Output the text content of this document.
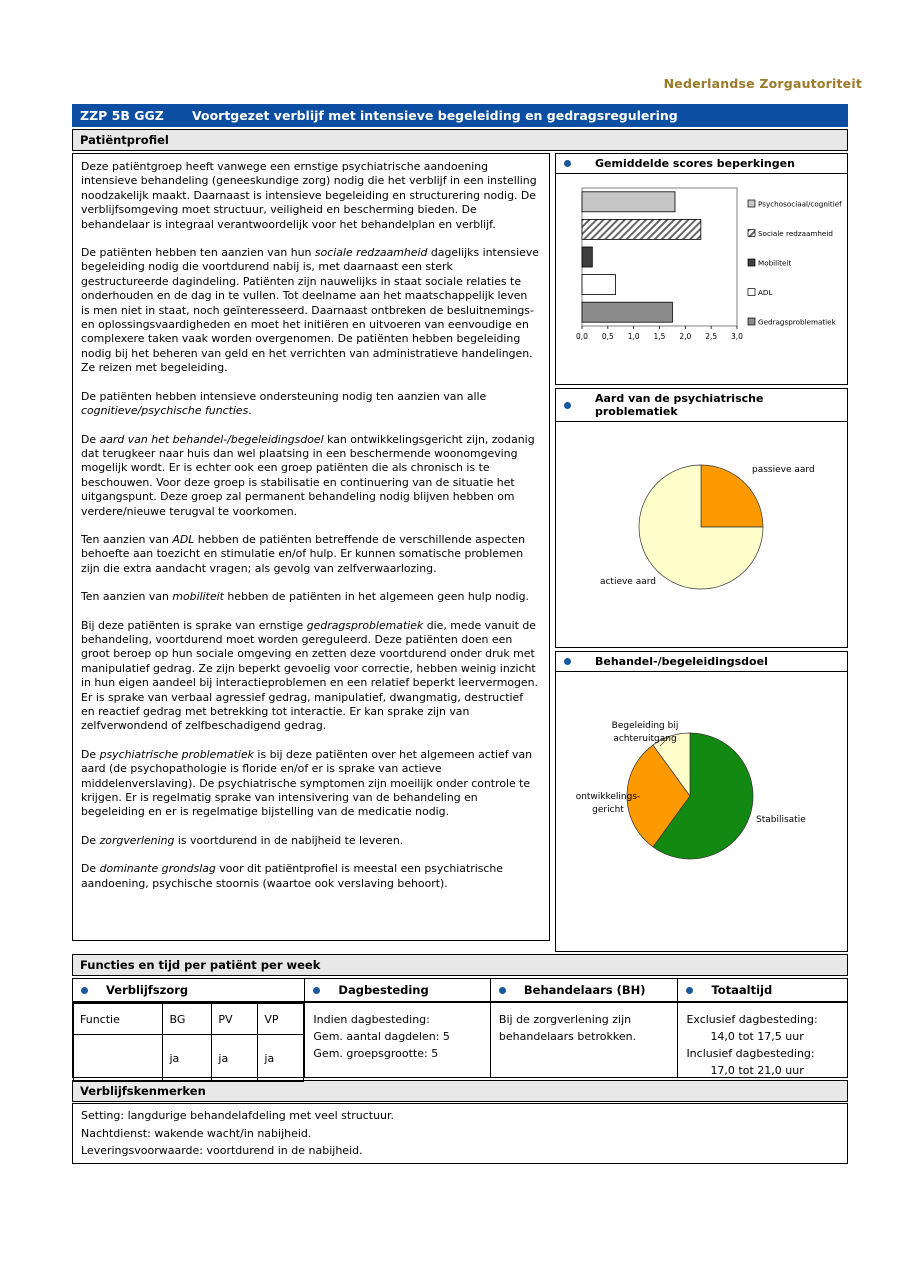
Nederlandse Zorgautoriteit
ZZP 5B GGZ	Voortgezet verblijf met intensieve begeleiding en gedragsregulering
Patiëntprofiel

Deze patiëntgroep heeft vanwege een ernstige psychiatrische aandoening intensieve behandeling (geneeskundige zorg) nodig die het verblijf in een instelling noodzakelijk maakt. Daarnaast is intensieve begeleiding en structurering nodig. De verblijfsomgeving moet structuur, veiligheid en bescherming bieden. De behandelaar is integraal verantwoordelijk voor het behandelplan en verblijf.

De patiënten hebben ten aanzien van hun sociale redzaamheid dagelijks intensieve begeleiding nodig die voortdurend nabij is, met daarnaast een sterk gestructureerde dagindeling. Patiënten zijn nauwelijks in staat sociale relaties te onderhouden en de dag in te vullen. Tot deelname aan het maatschappelijk leven is men niet in staat, noch geïnteresseerd. Daarnaast ontbreken de besluitnemings- en oplossingsvaardigheden en moet het initiëren en uitvoeren van eenvoudige en complexere taken vaak worden overgenomen. De patiënten hebben begeleiding nodig bij het beheren van geld en het verrichten van administratieve handelingen. Ze reizen met begeleiding.

De patiënten hebben intensieve ondersteuning nodig ten aanzien van alle cognitieve/psychische functies.

De aard van het behandel-/begeleidingsdoel kan ontwikkelingsgericht zijn, zodanig dat terugkeer naar huis dan wel plaatsing in een beschermende woonomgeving mogelijk wordt. Er is echter ook een groep patiënten die als chronisch is te beschouwen. Voor deze groep is stabilisatie en continuering van de situatie het uitgangspunt. Deze groep zal permanent behandeling nodig blijven hebben om verdere/nieuwe terugval te voorkomen.

Ten aanzien van ADL hebben de patiënten betreffende de verschillende aspecten behoefte aan toezicht en stimulatie en/of hulp. Er kunnen somatische problemen zijn die extra aandacht vragen; als gevolg van zelfverwaarlozing.

Ten aanzien van mobiliteit hebben de patiënten in het algemeen geen hulp nodig.

Bij deze patiënten is sprake van ernstige gedragsproblematiek die, mede vanuit de behandeling, voortdurend moet worden gereguleerd. Deze patiënten doen een groot beroep op hun sociale omgeving en zetten deze voortdurend onder druk met manipulatief gedrag. Ze zijn beperkt gevoelig voor correctie, hebben weinig inzicht in hun eigen aandeel bij interactieproblemen en een relatief beperkt leervermogen. Er is sprake van verbaal agressief gedrag, manipulatief, dwangmatig, destructief en reactief gedrag met betrekking tot interactie. Er kan sprake zijn van zelfverwondend of zelfbeschadigend gedrag.

De psychiatrische problematiek is bij deze patiënten over het algemeen actief van aard (de psychopathologie is floride en/of er is sprake van actieve middelenverslaving). De psychiatrische symptomen zijn moeilijk onder controle te krijgen. Er is regelmatig sprake van intensivering van de behandeling en begeleiding en er is regelmatige bijstelling van de medicatie nodig.

De zorgverlening is voortdurend in de nabijheid te leveren.

De dominante grondslag voor dit patiëntprofiel is meestal een psychiatrische aandoening, psychische stoornis (waartoe ook verslaving behoort).

Gemiddelde scores beperkingen
0,0 0,5 1,0 1,5 2,0 2,5 3,0
Psychosociaal/cognitief
Sociale redzaamheid
Mobiliteit
ADL
Gedragsproblematiek
Aard van de psychiatrische problematiek
passieve aard
actieve aard
Behandel-/begeleidingsdoel
Stabilisatie
ontwikkelings-gericht
Begeleiding bij achteruitgang
Functies en tijd per patiënt per week
Verblijfszorg
Functie	BG	PV	VP
	ja	ja	ja
Dagbesteding
Indien dagbesteding:
Gem. aantal dagdelen: 5
Gem. groepsgrootte: 5
Behandelaars (BH)
Bij de zorgverlening zijn behandelaars betrokken.
Totaaltijd
Exclusief dagbesteding:
14,0 tot 17,5 uur
Inclusief dagbesteding:
17,0 tot 21,0 uur
Verblijfskenmerken
Setting: langdurige behandelafdeling met veel structuur.
Nachtdienst: wakende wacht/in nabijheid.
Leveringsvoorwaarde: voortdurend in de nabijheid.
